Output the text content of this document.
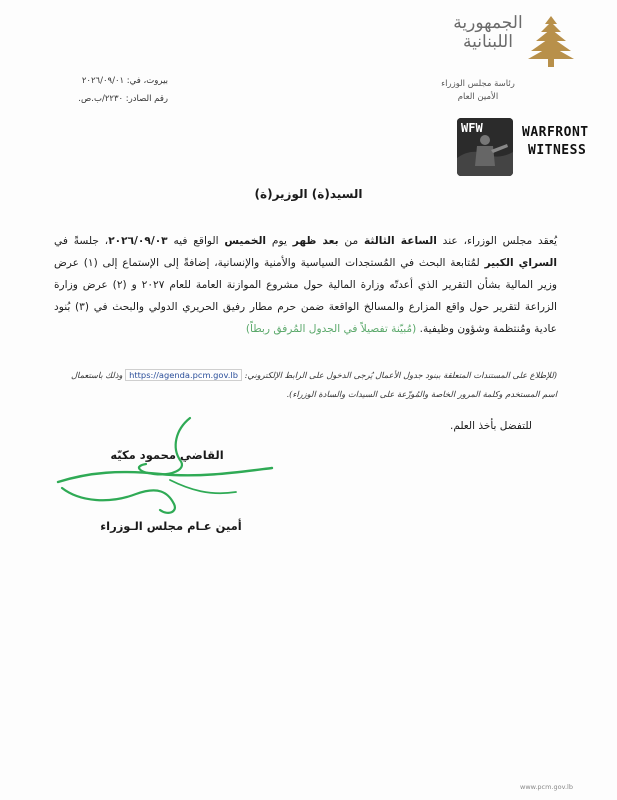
الجمهورية
اللبنانية
رئاسة مجلس الوزراء
الأمين العام
بيروت، في: ٢٠٢٦/٠٩/٠١
رقم الصادر: ٢٢٣٠/ب.ص.
WFW	WARFRONT
WITNESS
السيد(ة) الوزير(ة)
يُعقد مجلس الوزراء، عند الساعة الثالثة من بعد ظهر يوم الخميس الواقع فيه ٢٠٢٦/٠٩/٠٣، جلسةً في السراي الكبير لمُتابعة البحث في المُستجدات السياسية والأمنية والإنسانية، إضافةً إلى الإستماع إلى (١) عرض وزير المالية بشأن التقرير الذي أعدتّه وزارة المالية حول مشروع الموازنة العامة للعام ٢٠٢٧ و (٢) عرض وزارة الزراعة لتقرير حول واقع المزارع والمسالخ الواقعة ضمن حرم مطار رفيق الحريري الدولي والبحث في (٣) بُنود عادية ومُنتظمة وشؤون وظيفية. (مُبيّنة تفصيلاً في الجدول المُرفق ربطاً)
(للإطلاع على المستندات المتعلقة ببنود جدول الأعمال يُرجى الدخول على الرابط الإلكتروني: https://agenda.pcm.gov.lb وذلك باستعمال اسم المستخدم وكلمة المرور الخاصة والمُوزّعة على السيدات والسادة الوزراء).
للتفضل بأخذ العلم.
القاضي محمود مكيّه
أمين عـام مجلس الـوزراء
www.pcm.gov.lb
